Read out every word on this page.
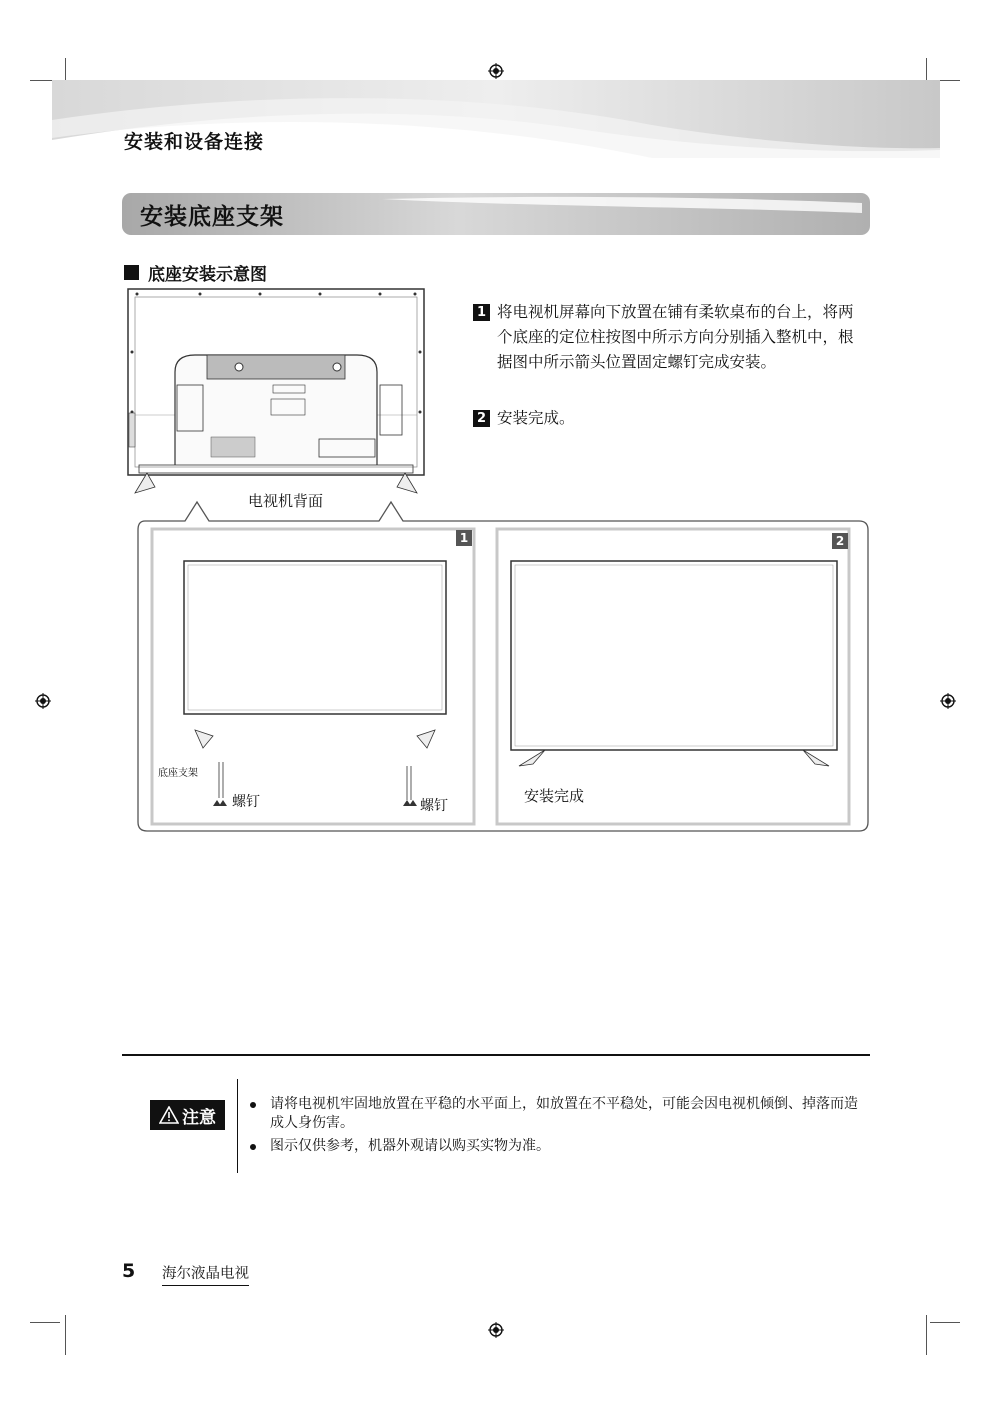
安装和设备连接
安装底座支架
底座安装示意图
电视机背面
1 将电视机屏幕向下放置在铺有柔软桌布的台上，将两个底座的定位柱按图中所示方向分别插入整机中，根据图中所示箭头位置固定螺钉完成安装。
2 安装完成。
1	2
底座支架
螺钉	螺钉
安装完成
注意
请将电视机牢固地放置在平稳的水平面上，如放置在不平稳处，可能会因电视机倾倒、掉落而造成人身伤害。
图示仅供参考，机器外观请以购买实物为准。
5 海尔液晶电视
